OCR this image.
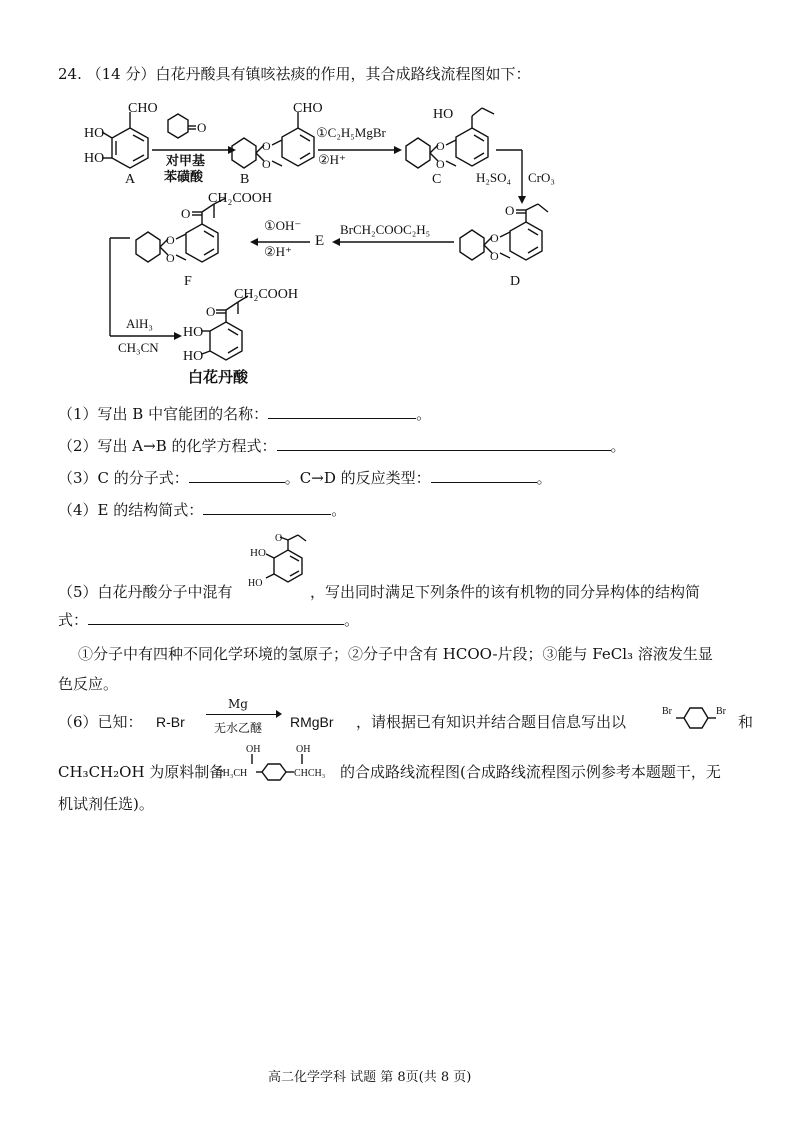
24. （14 分）白花丹酸具有镇咳祛痰的作用，其合成路线流程图如下：
CHO
HO
HO
O
CHO
O
O
HO
O
O
O
O
O
O
CH₂COOH
O
O
O
CH₂COOH
HO
HO
A	B	C
D
E
F
白花丹酸
对甲基
苯磺酸
①C₂H₅MgBr
②H⁺
H₂SO₄ CrO₃
BrCH₂COOC₂H₅
①OH⁻
②H⁺
AlH₃
CH₃CN
（1）写出 B 中官能团的名称：	。
（2）写出 A→B 的化学方程式：	。
（3）C 的分子式：	。C→D 的反应类型：	。
（4）E 的结构简式：	。
O
HO
HO
（5）白花丹酸分子中混有	，写出同时满足下列条件的该有机物的同分异构体的结构简
式：	。
①分子中有四种不同化学环境的氢原子；②分子中含有 HCOO-片段；③能与 FeCl₃ 溶液发生显
色反应。
（6）已知： R-Br
Mg
无水乙醚 RMgBr ，请根据已有知识并结合题目信息写出以
Br	Br
和
CH₃CH₂OH 为原料制备
OH	OH
CH₃CH	CHCH₃ 的合成路线流程图(合成路线流程图示例参考本题题干，无
机试剂任选)。
高二化学学科 试题 第 8页(共 8 页)
